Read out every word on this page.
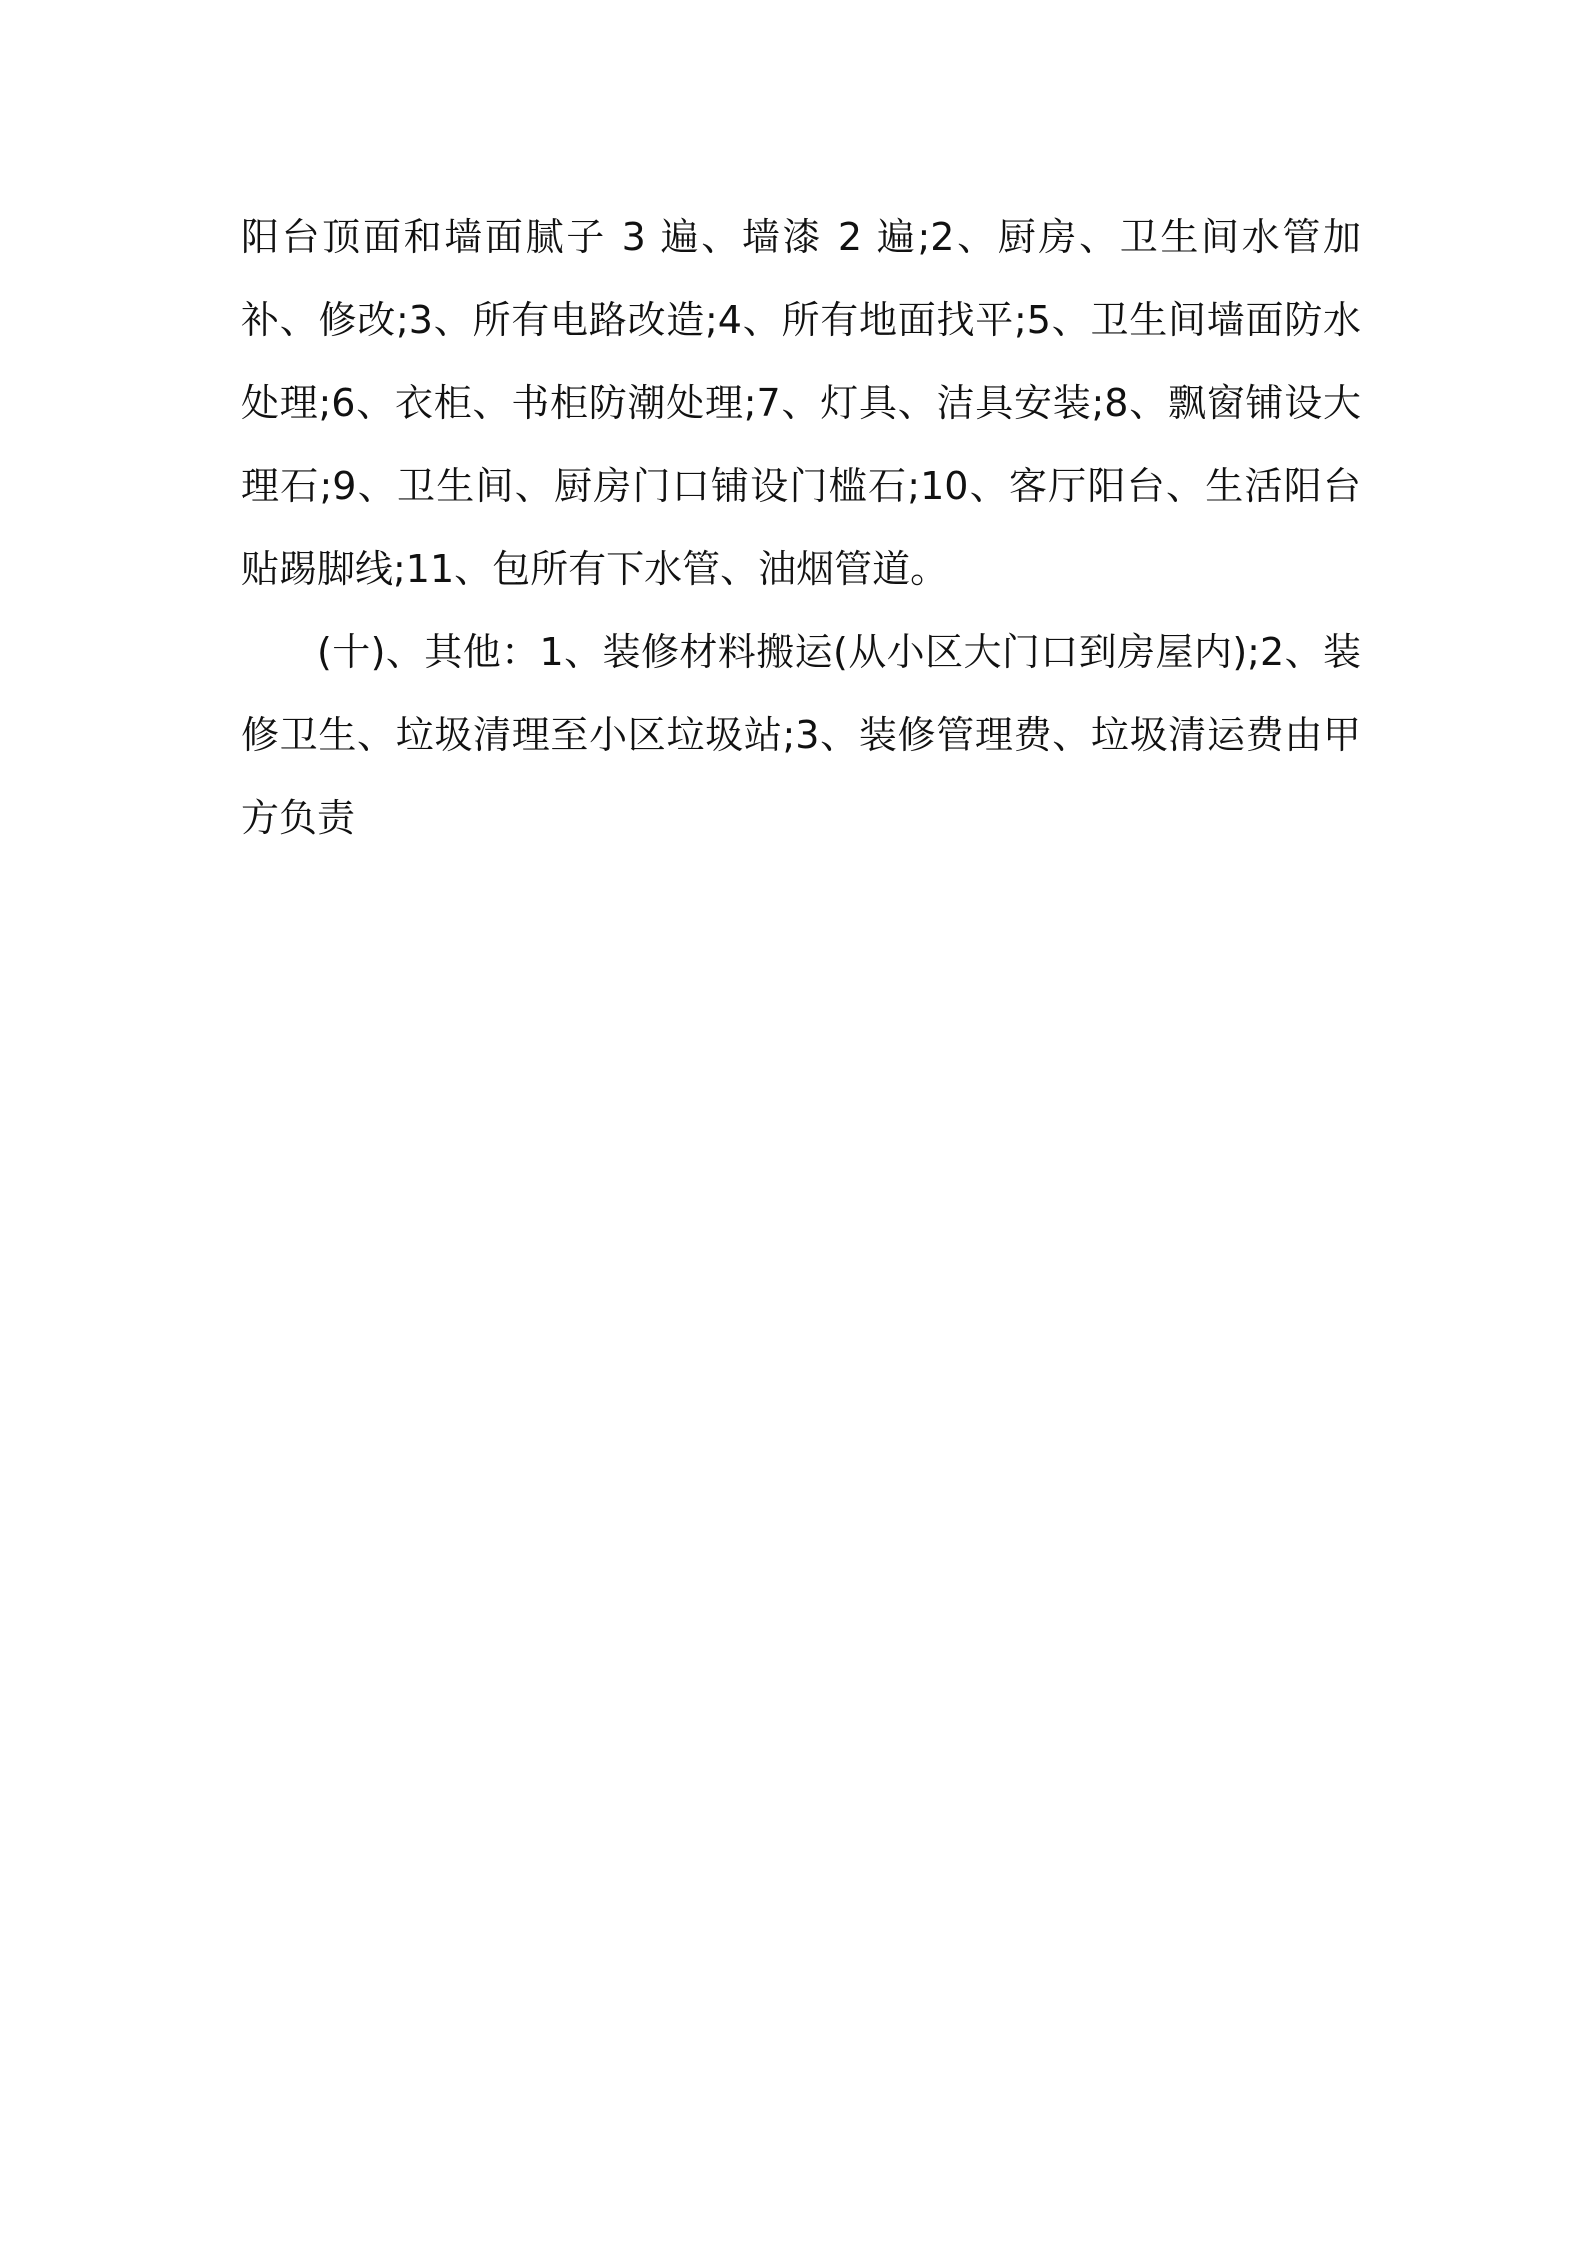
阳台顶面和墙面腻子 3 遍、墙漆 2 遍;2、厨房、卫生间水管加补、修改;3、所有电路改造;4、所有地面找平;5、卫生间墙面防水处理;6、衣柜、书柜防潮处理;7、灯具、洁具安装;8、飘窗铺设大理石;9、卫生间、厨房门口铺设门槛石;10、客厅阳台、生活阳台贴踢脚线;11、包所有下水管、油烟管道。

(十)、其他：1、装修材料搬运(从小区大门口到房屋内);2、装修卫生、垃圾清理至小区垃圾站;3、装修管理费、垃圾清运费由甲方负责
